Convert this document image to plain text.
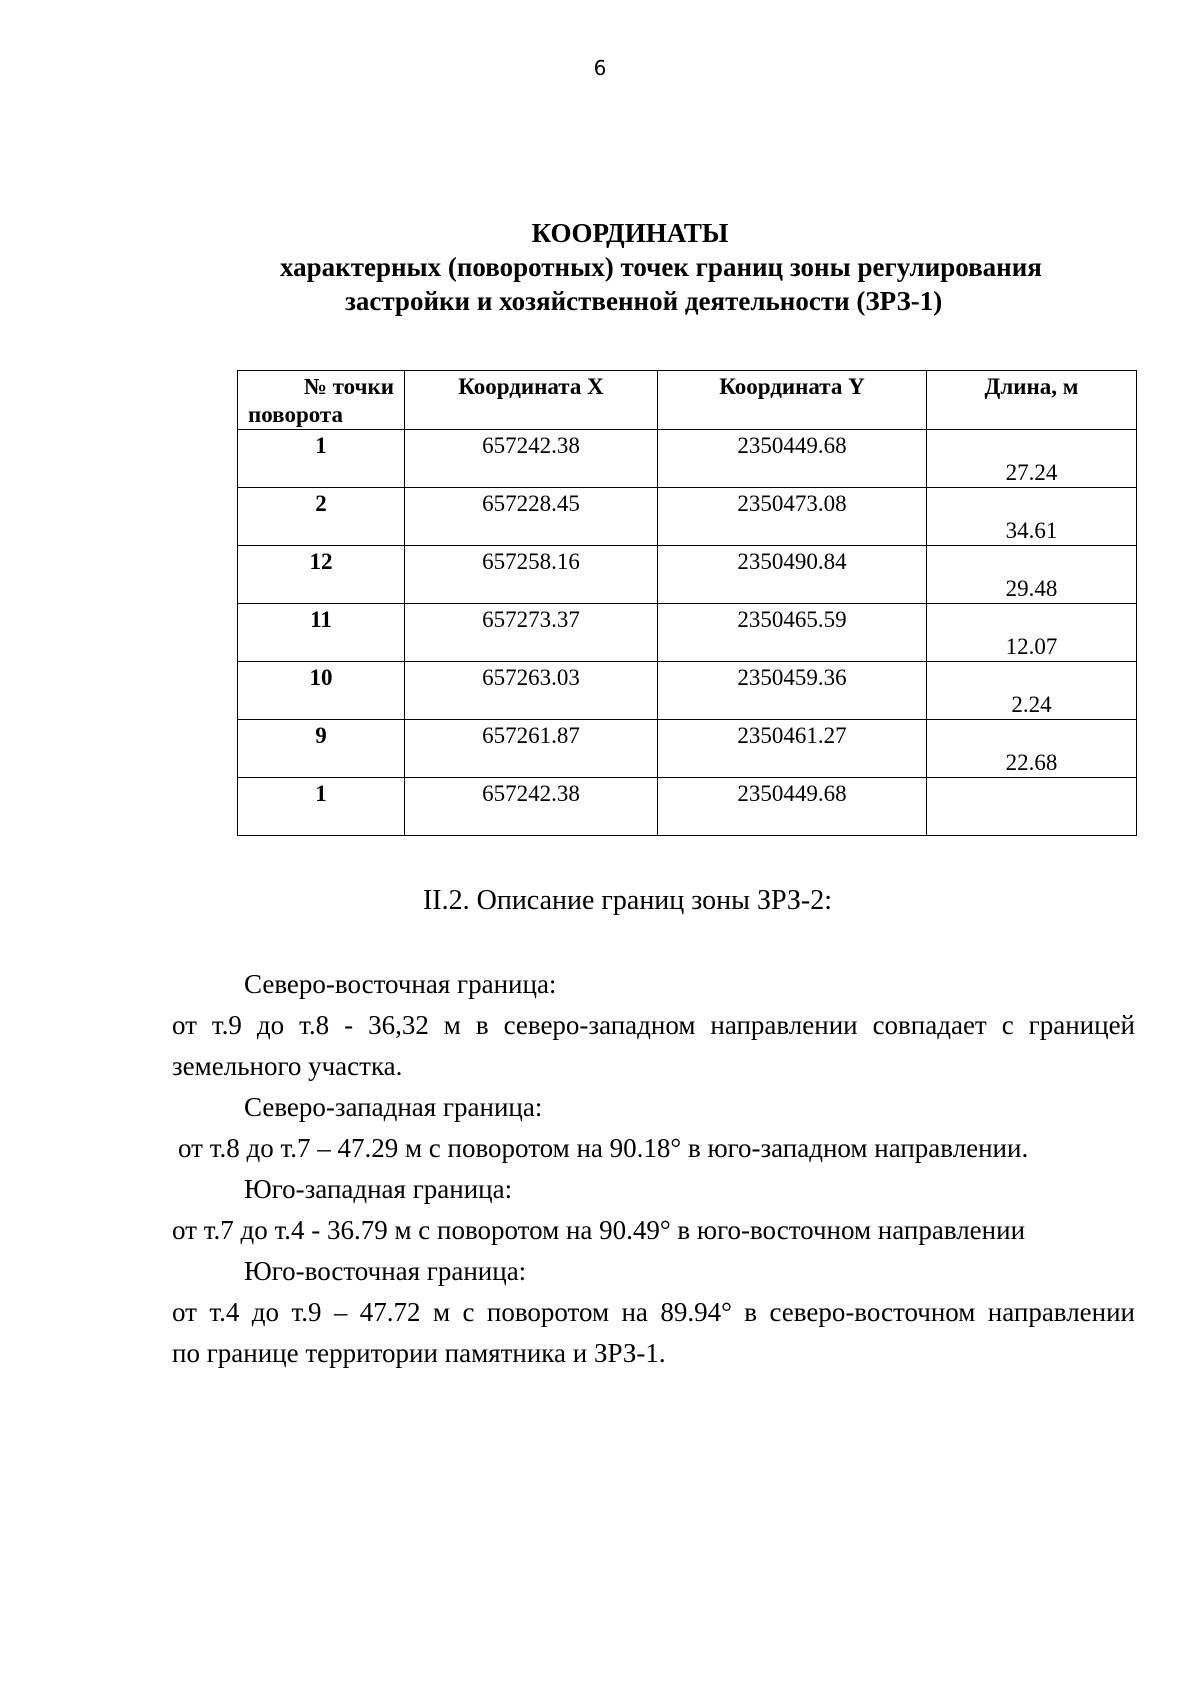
6
КООРДИНАТЫ
характерных (поворотных) точек границ зоны регулирования
застройки и хозяйственной деятельности (ЗРЗ-1)
№ точки
поворота	Координата X	Координата Y	Длина, м
1	657242.38	2350449.68	27.24
2	657228.45	2350473.08	34.61
12	657258.16	2350490.84	29.48
11	657273.37	2350465.59	12.07
10	657263.03	2350459.36	2.24
9	657261.87	2350461.27	22.68
1	657242.38	2350449.68	
II.2. Описание границ зоны ЗРЗ-2:
Северо-восточная граница:
от т.9 до т.8 - 36,32 м в северо-западном направлении совпадает с границей
земельного участка.
Северо-западная граница:
от т.8 до т.7 – 47.29 м с поворотом на 90.18° в юго-западном направлении.
Юго-западная граница:
от т.7 до т.4 - 36.79 м с поворотом на 90.49° в юго-восточном направлении
Юго-восточная граница:
от т.4 до т.9 – 47.72 м с поворотом на 89.94° в северо-восточном направлении
по границе территории памятника и ЗРЗ-1.
